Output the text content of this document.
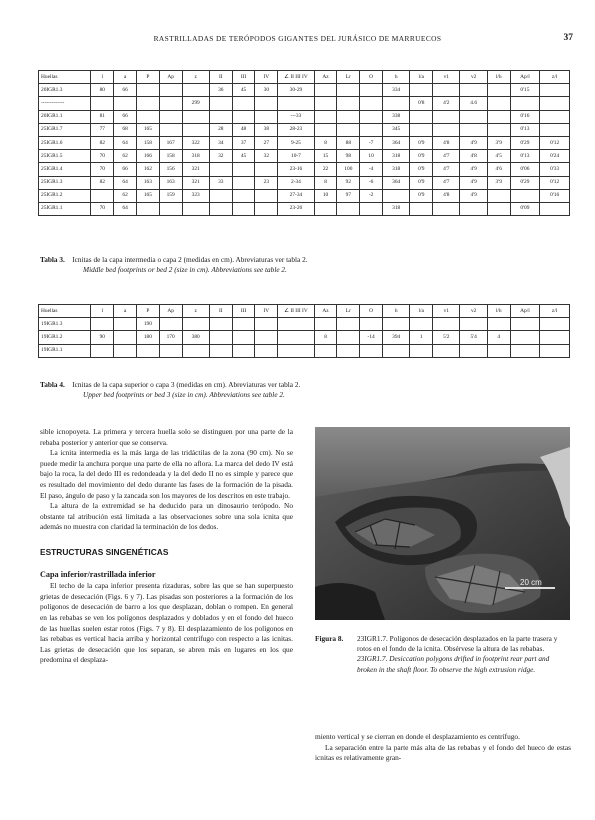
RASTRILLADAS DE TERÓPODOS GIGANTES DEL JURÁSICO DE MARRUECOS	37
Huellas	l	a	P	Ap	z	II	III	IV	∠ II III IV	Az	Lr	O	h	l/a	v1	v2	l/h	Ap/l	z/l
20IGR1.3	80	66				36	45	30	30-29				334					0'15	
-------------					299									0'8	4'2	4.6			
20IGR1.1	81	66							---33				338					0'16	
25IGR1.7	77	68	165			28	48	38	28-23				345					0'13	
25IGR1.6	82	64	158	167	322	34	37	27	9-25	8	88	-7	364	0'9	4'8	4'9	3'9	0'29	0'12
25IGR1.5	70	62	166	158	318	32	45	32	10-7	15	98	10	318	0'9	4'7	4'8	4'5	0'13	0'24
25IGR1.4	70	66	162	156	321				23-16	22	100	-4	318	0'9	4'7	4'9	4'6	0'06	0'33
25IGR1.3	82	64	163	163	321	33		23	2-34	8	92	-6	364	0'9	4'7	4'9	3'9	0'29	0'12
25IGR1.2		62	165	159	323				27-34	10	97	-2		0'9	4'8	4'9			0'16
25IGR1.1	70	64							23-26				318					0'09	
Tabla 3. Icnitas de la capa intermedia o capa 2 (medidas en cm). Abreviaturas ver tabla 2.
Middle bed footprints or bed 2 (size in cm). Abbreviations see table 2.
Huellas	l	a	P	Ap	z	II	III	IV	∠ II III IV	Az	Lr	O	h	l/a	v1	v2	l/h	Ap/l	z/l
19IGR1.3			190																
19IGR1.2	90		180	170	380					8		-14	394	1	5'2	5'4	4		
19IGR1.1																			
Tabla 4. Icnitas de la capa superior o capa 3 (medidas en cm). Abreviaturas ver tabla 2.
Upper bed footprints or bed 3 (size in cm). Abbreviations see table 2.

sible icnopoyeta. La primera y tercera huella solo se distinguen por una parte de la rebaba posterior y anterior que se conserva.

La icnita intermedia es la más larga de las tridáctilas de la zona (90 cm). No se puede medir la anchura porque una parte de ella no aflora. La marca del dedo IV está bajo la roca, la del dedo III es redondeada y la del dedo II no es simple y parece que es resultado del movimiento del dedo durante las fases de la formación de la pisada. El paso, ángulo de paso y la zancada son los mayores de los descritos en este trabajo.

La altura de la extremidad se ha deducido para un dinosaurio terópodo. No obstante tal atribución está limitada a las observaciones sobre una sola icnita que además no muestra con claridad la terminación de los dedos.

ESTRUCTURAS SINGENÉTICAS
Capa inferior/rastrillada inferior

El techo de la capa inferior presenta rizaduras, sobre las que se han superpuesto grietas de desecación (Figs. 6 y 7). Las pisadas son posteriores a la formación de los polígonos de desecación de barro a los que desplazan, doblan o rompen. En general en las rebabas se ven los polígonos desplazados y doblados y en el fondo del hueco de las huellas suelen estar rotos (Figs. 7 y 8). El desplazamiento de los polígonos en las rebabas es vertical hacia arriba y horizontal centrífugo con respecto a las icnitas. Las grietas de desecación que los separan, se abren más en lugares en los que predomina el desplaza-

20 cm
Figura 8.	23IGR1.7. Polígonos de desecación desplazados en la parte trasera y rotos en el fondo de la icnita. Obsérvese la altura de las rebabas.
23IGR1.7. Desiccation polygons drifted in footprint rear part and broken in the shaft floor. To observe the high extrusion ridge.

miento vertical y se cierran en donde el desplazamiento es centrífugo.

La separación entre la parte más alta de las rebabas y el fondo del hueco de estas icnitas es relativamente gran-
